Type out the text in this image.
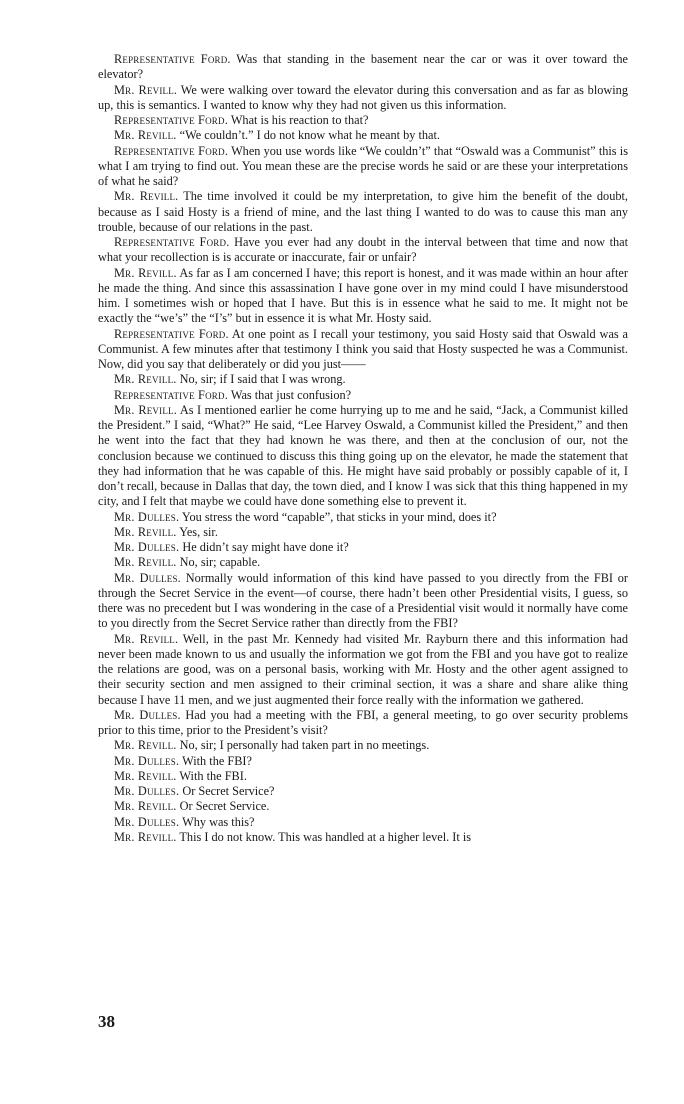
Representative Ford. Was that standing in the basement near the car or was it over toward the elevator?

Mr. Revill. We were walking over toward the elevator during this conversation and as far as blowing up, this is semantics. I wanted to know why they had not given us this information.

Representative Ford. What is his reaction to that?

Mr. Revill. “We couldn’t.” I do not know what he meant by that.

Representative Ford. When you use words like “We couldn’t” that “Oswald was a Communist” this is what I am trying to find out. You mean these are the precise words he said or are these your interpretations of what he said?

Mr. Revill. The time involved it could be my interpretation, to give him the benefit of the doubt, because as I said Hosty is a friend of mine, and the last thing I wanted to do was to cause this man any trouble, because of our relations in the past.

Representative Ford. Have you ever had any doubt in the interval between that time and now that what your recollection is is accurate or inaccurate, fair or unfair?

Mr. Revill. As far as I am concerned I have; this report is honest, and it was made within an hour after he made the thing. And since this assassination I have gone over in my mind could I have misunderstood him. I sometimes wish or hoped that I have. But this is in essence what he said to me. It might not be exactly the “we’s” the “I’s” but in essence it is what Mr. Hosty said.

Representative Ford. At one point as I recall your testimony, you said Hosty said that Oswald was a Communist. A few minutes after that testimony I think you said that Hosty suspected he was a Communist. Now, did you say that deliberately or did you just——

Mr. Revill. No, sir; if I said that I was wrong.

Representative Ford. Was that just confusion?

Mr. Revill. As I mentioned earlier he come hurrying up to me and he said, “Jack, a Communist killed the President.” I said, “What?” He said, “Lee Harvey Oswald, a Communist killed the President,” and then he went into the fact that they had known he was there, and then at the conclusion of our, not the conclusion because we continued to discuss this thing going up on the elevator, he made the statement that they had information that he was capable of this. He might have said probably or possibly capable of it, I don’t recall, because in Dallas that day, the town died, and I know I was sick that this thing happened in my city, and I felt that maybe we could have done something else to prevent it.

Mr. Dulles. You stress the word “capable”, that sticks in your mind, does it?

Mr. Revill. Yes, sir.

Mr. Dulles. He didn’t say might have done it?

Mr. Revill. No, sir; capable.

Mr. Dulles. Normally would information of this kind have passed to you directly from the FBI or through the Secret Service in the event—of course, there hadn’t been other Presidential visits, I guess, so there was no precedent but I was wondering in the case of a Presidential visit would it normally have come to you directly from the Secret Service rather than directly from the FBI?

Mr. Revill. Well, in the past Mr. Kennedy had visited Mr. Rayburn there and this information had never been made known to us and usually the information we got from the FBI and you have got to realize the relations are good, was on a personal basis, working with Mr. Hosty and the other agent assigned to their security section and men assigned to their criminal section, it was a share and share alike thing because I have 11 men, and we just augmented their force really with the information we gathered.

Mr. Dulles. Had you had a meeting with the FBI, a general meeting, to go over security problems prior to this time, prior to the President’s visit?

Mr. Revill. No, sir; I personally had taken part in no meetings.

Mr. Dulles. With the FBI?

Mr. Revill. With the FBI.

Mr. Dulles. Or Secret Service?

Mr. Revill. Or Secret Service.

Mr. Dulles. Why was this?

Mr. Revill. This I do not know. This was handled at a higher level. It is

38
